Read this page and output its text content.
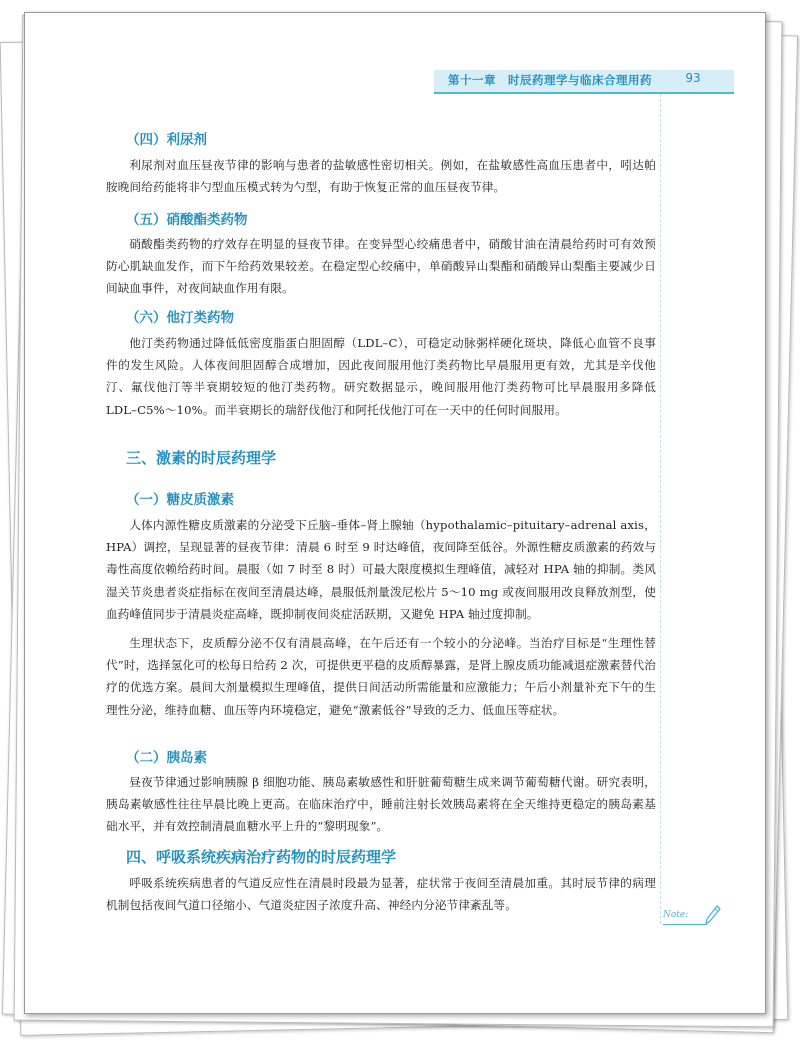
第十一章　时辰药理学与临床合理用药	93
（四）利尿剂
利尿剂对血压昼夜节律的影响与患者的盐敏感性密切相关。例如，在盐敏感性高血压患者中，吲达帕胺晚间给药能将非勺型血压模式转为勺型，有助于恢复正常的血压昼夜节律。
（五）硝酸酯类药物
硝酸酯类药物的疗效存在明显的昼夜节律。在变异型心绞痛患者中，硝酸甘油在清晨给药时可有效预防心肌缺血发作，而下午给药效果较差。在稳定型心绞痛中，单硝酸异山梨酯和硝酸异山梨酯主要减少日间缺血事件，对夜间缺血作用有限。
（六）他汀类药物
他汀类药物通过降低低密度脂蛋白胆固醇（LDL–C），可稳定动脉粥样硬化斑块，降低心血管不良事件的发生风险。人体夜间胆固醇合成增加，因此夜间服用他汀类药物比早晨服用更有效，尤其是辛伐他汀、氟伐他汀等半衰期较短的他汀类药物。研究数据显示，晚间服用他汀类药物可比早晨服用多降低 LDL–C5%～10%。而半衰期长的瑞舒伐他汀和阿托伐他汀可在一天中的任何时间服用。
三、激素的时辰药理学
（一）糖皮质激素
人体内源性糖皮质激素的分泌受下丘脑–垂体–肾上腺轴（hypothalamic–pituitary–adrenal axis，HPA）调控，呈现显著的昼夜节律：清晨 6 时至 9 时达峰值，夜间降至低谷。外源性糖皮质激素的药效与毒性高度依赖给药时间。晨服（如 7 时至 8 时）可最大限度模拟生理峰值，减轻对 HPA 轴的抑制。类风湿关节炎患者炎症指标在夜间至清晨达峰，晨服低剂量泼尼松片 5～10 mg 或夜间服用改良释放剂型，使血药峰值同步于清晨炎症高峰，既抑制夜间炎症活跃期，又避免 HPA 轴过度抑制。
生理状态下，皮质醇分泌不仅有清晨高峰，在午后还有一个较小的分泌峰。当治疗目标是“生理性替代”时，选择氢化可的松每日给药 2 次，可提供更平稳的皮质醇暴露，是肾上腺皮质功能减退症激素替代治疗的优选方案。晨间大剂量模拟生理峰值，提供日间活动所需能量和应激能力；午后小剂量补充下午的生理性分泌，维持血糖、血压等内环境稳定，避免“激素低谷”导致的乏力、低血压等症状。
（二）胰岛素
昼夜节律通过影响胰腺 β 细胞功能、胰岛素敏感性和肝脏葡萄糖生成来调节葡萄糖代谢。研究表明，胰岛素敏感性往往早晨比晚上更高。在临床治疗中，睡前注射长效胰岛素将在全天维持更稳定的胰岛素基础水平，并有效控制清晨血糖水平上升的“黎明现象”。
四、呼吸系统疾病治疗药物的时辰药理学
呼吸系统疾病患者的气道反应性在清晨时段最为显著，症状常于夜间至清晨加重。其时辰节律的病理机制包括夜间气道口径缩小、气道炎症因子浓度升高、神经内分泌节律紊乱等。
Note:
